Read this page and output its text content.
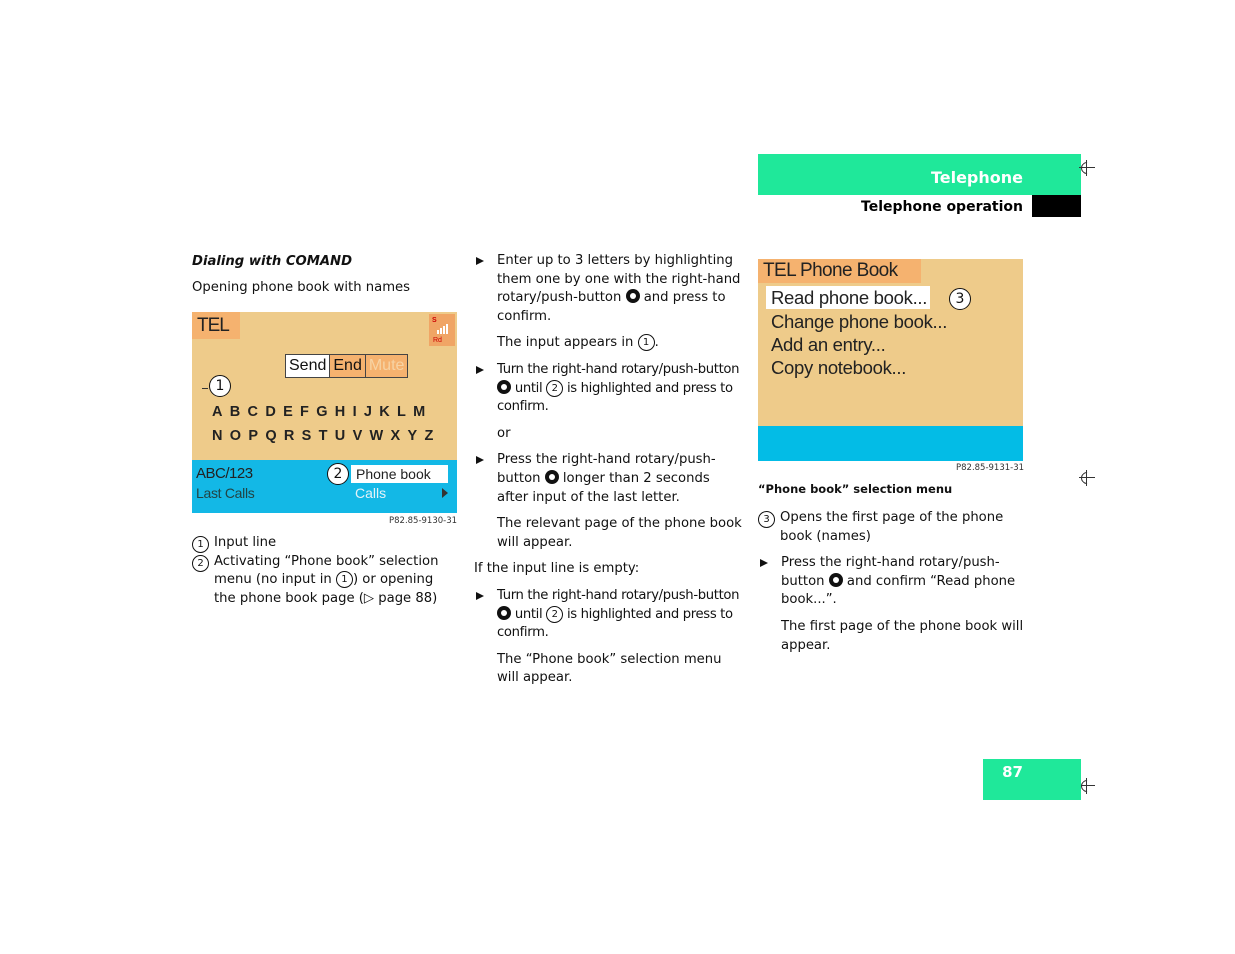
Telephone
Telephone operation
Dialing with COMAND
Opening phone book with names
TEL	S
Rd
Send End Mute
ABCDEFGHIJKLM
NOPQRSTUVWXYZ
ABC/123
Last Calls
Phone book
Calls
1
2
P82.85-9130-31
1 Input line
2 Activating “Phone book” selection menu (no input in 1 ) or opening the phone book page (▷ page 88)
Enter up to 3 letters by highlighting them one by one with the right-hand rotary/push-button  and press to confirm.
The input appears in 1 .
Turn the right-hand rotary/push-button  until 2 is highlighted and press to confirm.
or
Press the right-hand rotary/push-button  longer than 2 seconds after input of the last letter.
The relevant page of the phone book will appear.
If the input line is empty:
Turn the right-hand rotary/push-button  until 2 is highlighted and press to confirm.
The “Phone book” selection menu will appear.
TEL Phone Book
Read phone book...
Change phone book...
Add an entry...
Copy notebook...
3
P82.85-9131-31
“Phone book” selection menu
3 Opens the first page of the phone book (names)
Press the right-hand rotary/push-button  and confirm “Read phone book...”.
The first page of the phone book will appear.
87
